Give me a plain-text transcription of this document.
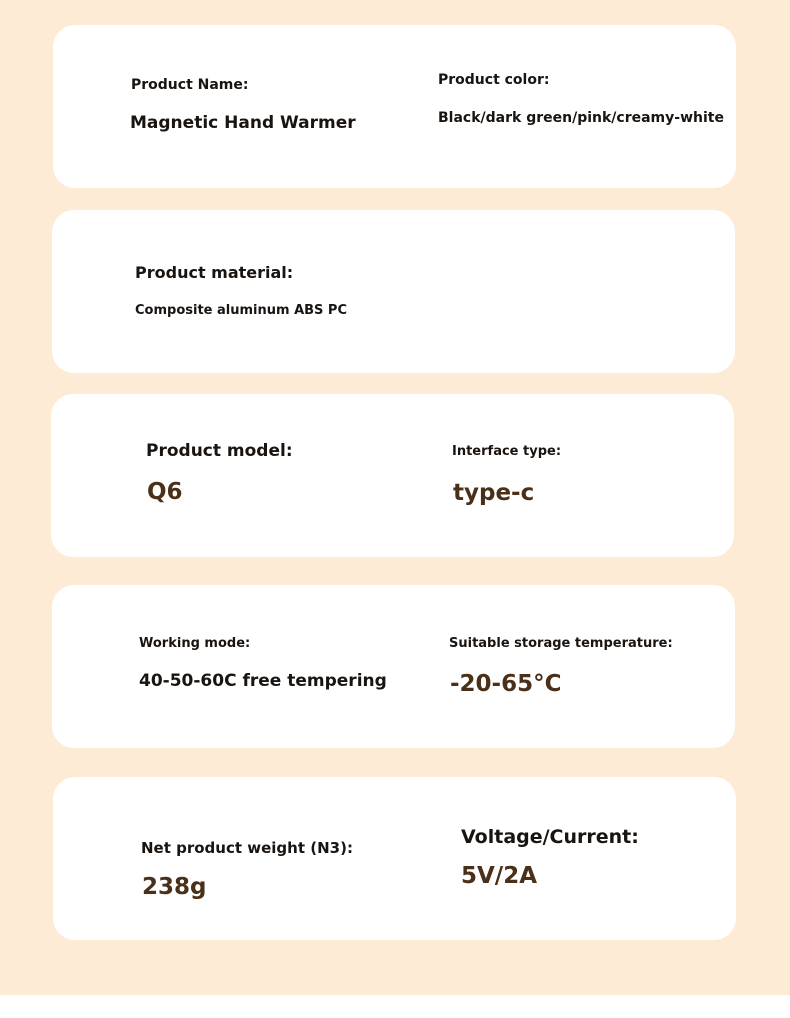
Product Name:

Magnetic Hand Warmer

Product color:

Black/dark green/pink/creamy-white

Product material:

Composite aluminum ABS PC

Product model:

Q6

Interface type:

type-c

Working mode:

40-50-60C free tempering

Suitable storage temperature:

-20-65°C

Net product weight (N3):

238g

Voltage/Current:

5V/2A
